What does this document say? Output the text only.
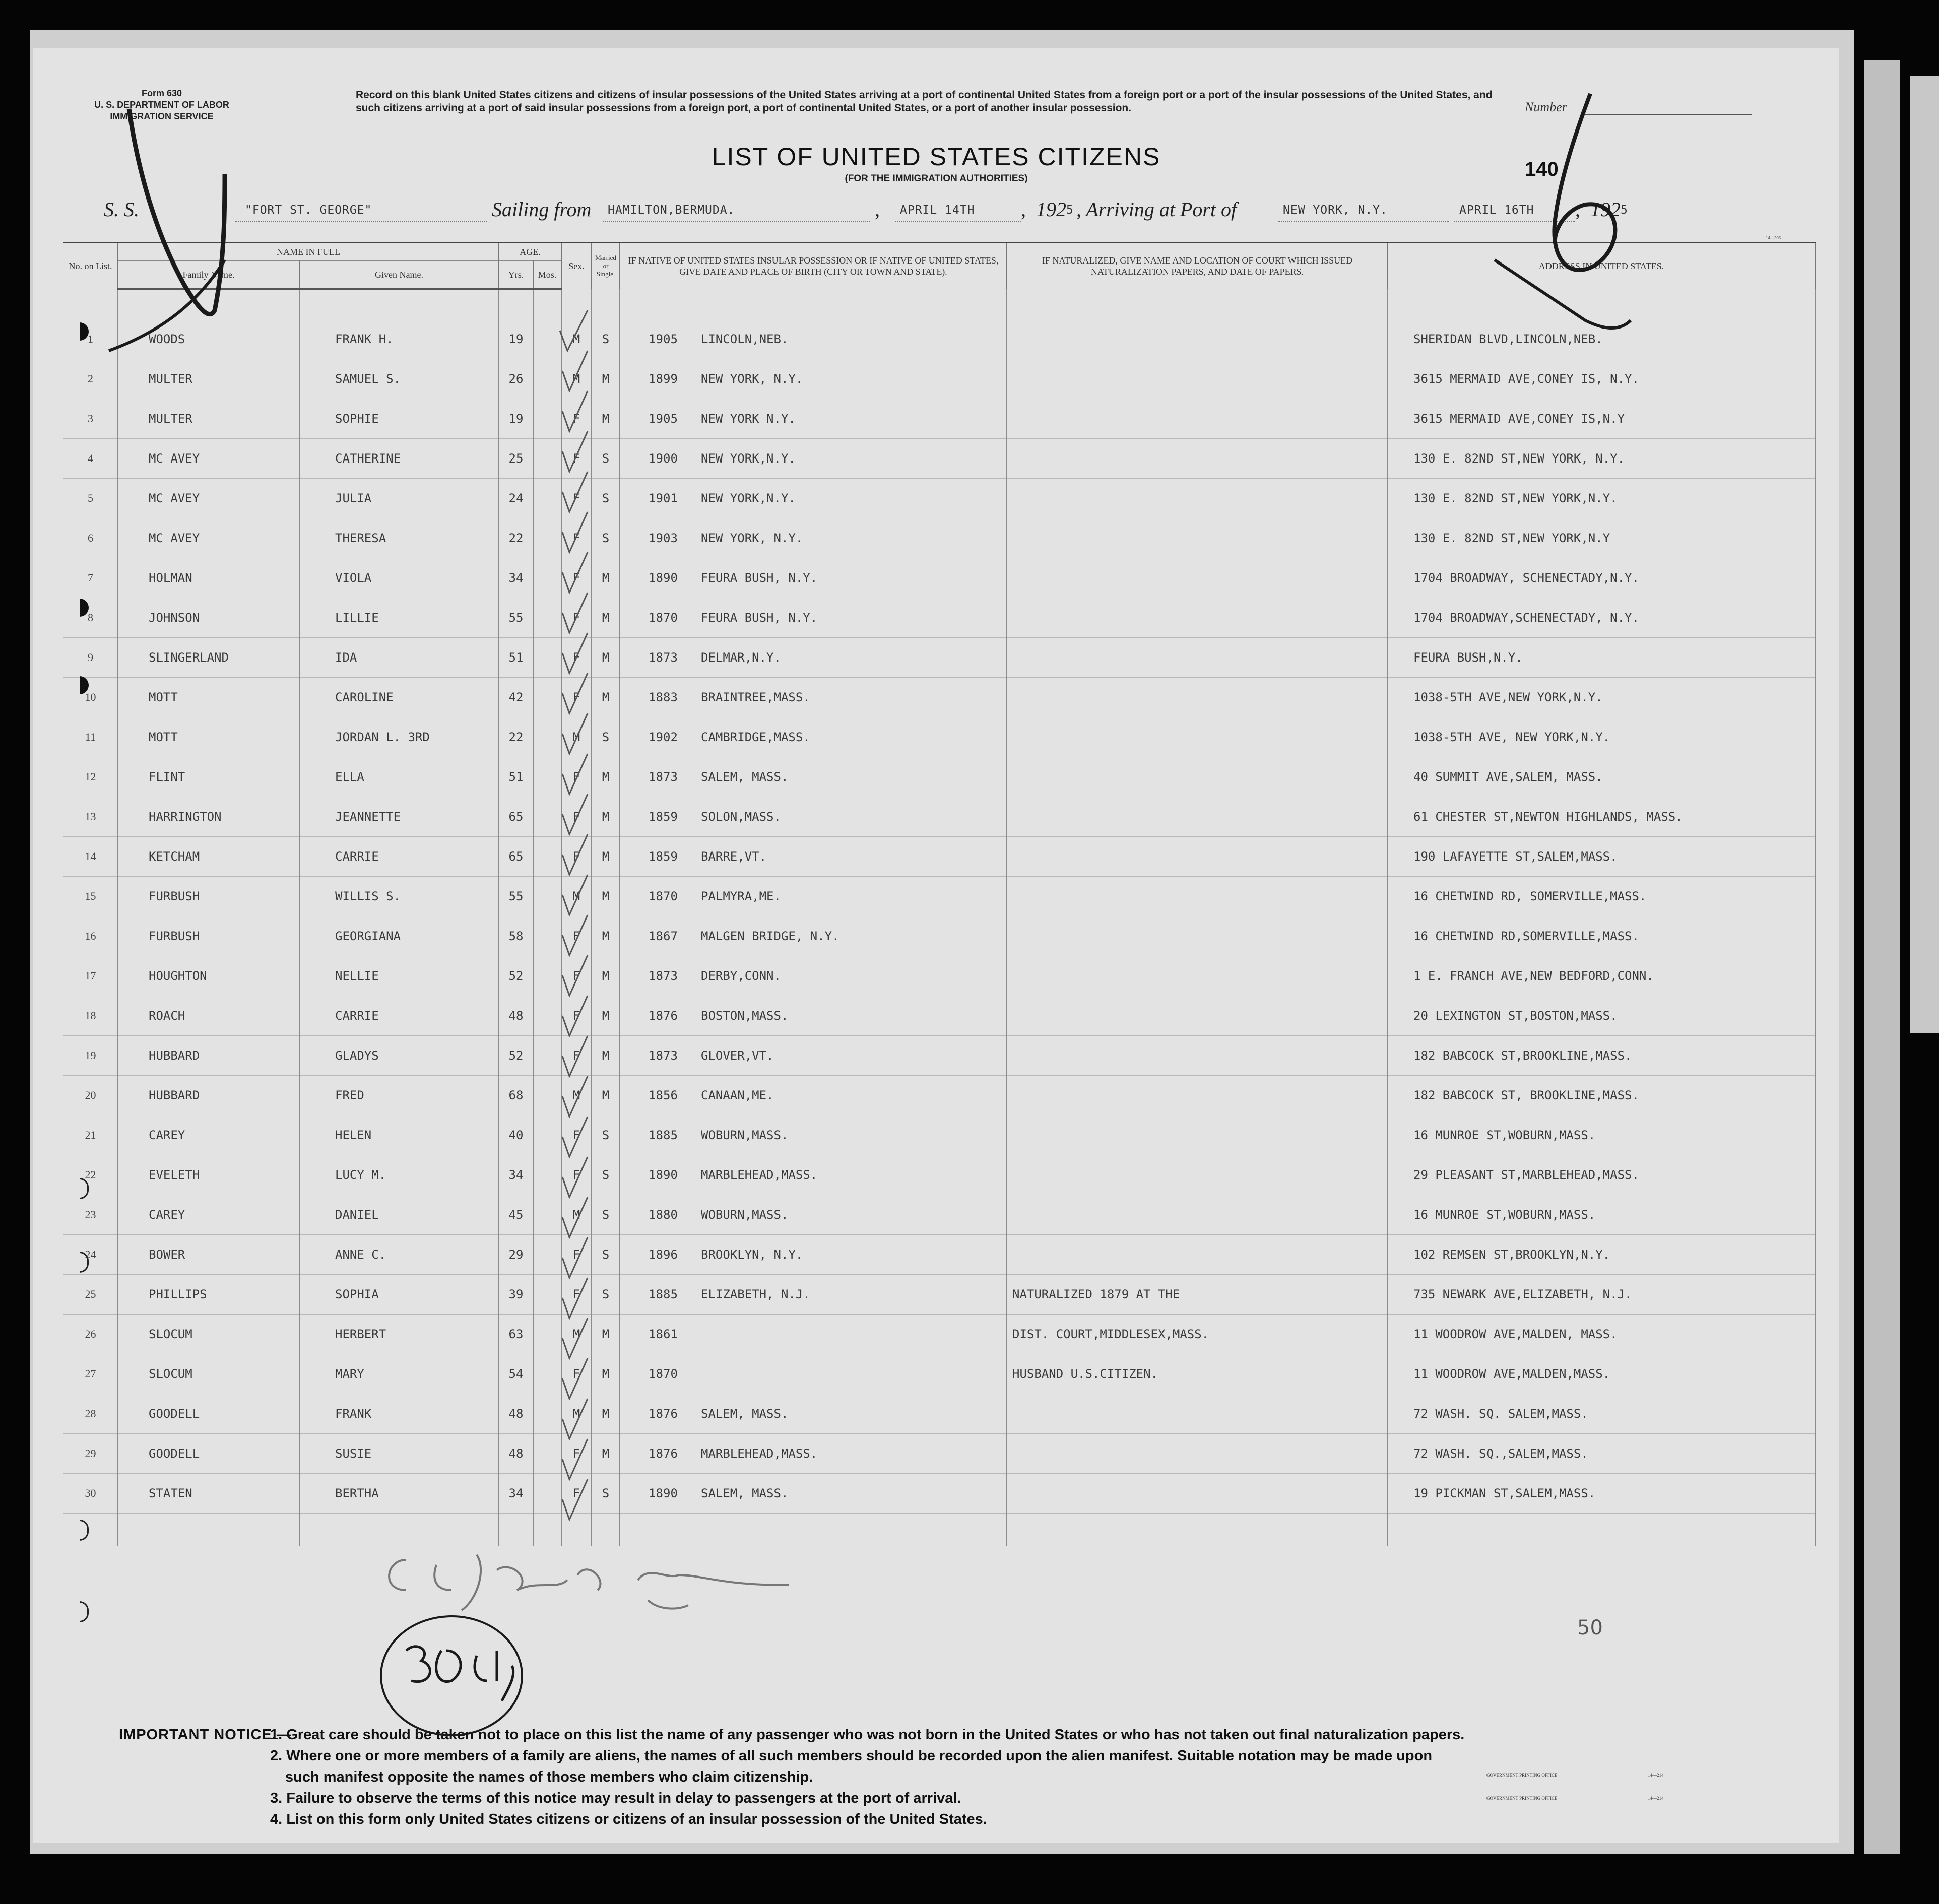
Form 630
U. S. DEPARTMENT OF LABOR
IMMIGRATION SERVICE
Record on this blank United States citizens and citizens of insular possessions of the United States arriving at a port of continental United States from a foreign port or a port of the insular possessions of the United States, and such citizens arriving at a port of said insular possessions from a foreign port, a port of continental United States, or a port of another insular possession.	Number
LIST OF UNITED STATES CITIZENS
(FOR THE IMMIGRATION AUTHORITIES)	140
S. S.	"FORT ST. GEORGE"	Sailing from HAMILTON,BERMUDA.	, APRIL 14TH , 192 5 , Arriving at Port of	NEW YORK, N.Y.	APRIL 16TH , 192 5
14—205
No. on List.	NAME IN FULL		AGE.		Sex.	Married or Single.	IF NATIVE OF UNITED STATES INSULAR POSSESSION OR IF NATIVE OF UNITED STATES, GIVE DATE AND PLACE OF BIRTH (CITY OR TOWN AND STATE).	IF NATURALIZED, GIVE NAME AND LOCATION OF COURT WHICH ISSUED NATURALIZATION PAPERS, AND DATE OF PAPERS.	ADDRESS IN UNITED STATES.
	Family Name.	Given Name.	Yrs.	Mos.					

1	WOODS	FRANK H.	19		M	S	1905 LINCOLN,NEB.		SHERIDAN BLVD,LINCOLN,NEB.
2	MULTER	SAMUEL S.	26		M	M	1899 NEW YORK, N.Y.		3615 MERMAID AVE,CONEY IS, N.Y.
3	MULTER	SOPHIE	19		F	M	1905 NEW YORK N.Y.		3615 MERMAID AVE,CONEY IS,N.Y
4	MC AVEY	CATHERINE	25		F	S	1900 NEW YORK,N.Y.		130 E. 82ND ST,NEW YORK, N.Y.
5	MC AVEY	JULIA	24		F	S	1901 NEW YORK,N.Y.		130 E. 82ND ST,NEW YORK,N.Y.
6	MC AVEY	THERESA	22		F	S	1903 NEW YORK, N.Y.		130 E. 82ND ST,NEW YORK,N.Y
7	HOLMAN	VIOLA	34		F	M	1890 FEURA BUSH, N.Y.		1704 BROADWAY, SCHENECTADY,N.Y.
8	JOHNSON	LILLIE	55		F	M	1870 FEURA BUSH, N.Y.		1704 BROADWAY,SCHENECTADY, N.Y.
9	SLINGERLAND	IDA	51		F	M	1873 DELMAR,N.Y.		FEURA BUSH,N.Y.
10	MOTT	CAROLINE	42		F	M	1883 BRAINTREE,MASS.		1038-5TH AVE,NEW YORK,N.Y.
11	MOTT	JORDAN L. 3RD	22		M	S	1902 CAMBRIDGE,MASS.		1038-5TH AVE, NEW YORK,N.Y.
12	FLINT	ELLA	51		F	M	1873 SALEM, MASS.		40 SUMMIT AVE,SALEM, MASS.
13	HARRINGTON	JEANNETTE	65		F	M	1859 SOLON,MASS.		61 CHESTER ST,NEWTON HIGHLANDS, MASS.
14	KETCHAM	CARRIE	65		F	M	1859 BARRE,VT.		190 LAFAYETTE ST,SALEM,MASS.
15	FURBUSH	WILLIS S.	55		M	M	1870 PALMYRA,ME.		16 CHETWIND RD, SOMERVILLE,MASS.
16	FURBUSH	GEORGIANA	58		F	M	1867 MALGEN BRIDGE, N.Y.		16 CHETWIND RD,SOMERVILLE,MASS.
17	HOUGHTON	NELLIE	52		F	M	1873 DERBY,CONN.		1 E. FRANCH AVE,NEW BEDFORD,CONN.
18	ROACH	CARRIE	48		F	M	1876 BOSTON,MASS.		20 LEXINGTON ST,BOSTON,MASS.
19	HUBBARD	GLADYS	52		F	M	1873 GLOVER,VT.		182 BABCOCK ST,BROOKLINE,MASS.
20	HUBBARD	FRED	68		M	M	1856 CANAAN,ME.		182 BABCOCK ST, BROOKLINE,MASS.
21	CAREY	HELEN	40		F	S	1885 WOBURN,MASS.		16 MUNROE ST,WOBURN,MASS.
22	EVELETH	LUCY M.	34		F	S	1890 MARBLEHEAD,MASS.		29 PLEASANT ST,MARBLEHEAD,MASS.
23	CAREY	DANIEL	45		M	S	1880 WOBURN,MASS.		16 MUNROE ST,WOBURN,MASS.
24	BOWER	ANNE C.	29		F	S	1896 BROOKLYN, N.Y.		102 REMSEN ST,BROOKLYN,N.Y.
25	PHILLIPS	SOPHIA	39		F	S	1885 ELIZABETH, N.J.	NATURALIZED 1879 AT THE	735 NEWARK AVE,ELIZABETH, N.J.
26	SLOCUM	HERBERT	63		M	M	1861	DIST. COURT,MIDDLESEX,MASS.	11 WOODROW AVE,MALDEN, MASS.
27	SLOCUM	MARY	54		F	M	1870	HUSBAND U.S.CITIZEN.	11 WOODROW AVE,MALDEN,MASS.
28	GOODELL	FRANK	48		M	M	1876 SALEM, MASS.		72 WASH. SQ. SALEM,MASS.
29	GOODELL	SUSIE	48		F	M	1876 MARBLEHEAD,MASS.		72 WASH. SQ.,SALEM,MASS.
30	STATEN	BERTHA	34		F	S	1890 SALEM, MASS.		19 PICKMAN ST,SALEM,MASS.

50
IMPORTANT NOTICE.—
1. Great care should be taken not to place on this list the name of any passenger who was not born in the United States or who has not taken out final naturalization papers.
2. Where one or more members of a family are aliens, the names of all such members should be recorded upon the alien manifest. Suitable notation may be made upon
such manifest opposite the names of those members who claim citizenship.
3. Failure to observe the terms of this notice may result in delay to passengers at the port of arrival.
4. List on this form only United States citizens or citizens of an insular possession of the United States.
GOVERNMENT PRINTING OFFICE	14—214
GOVERNMENT PRINTING OFFICE	14—214
